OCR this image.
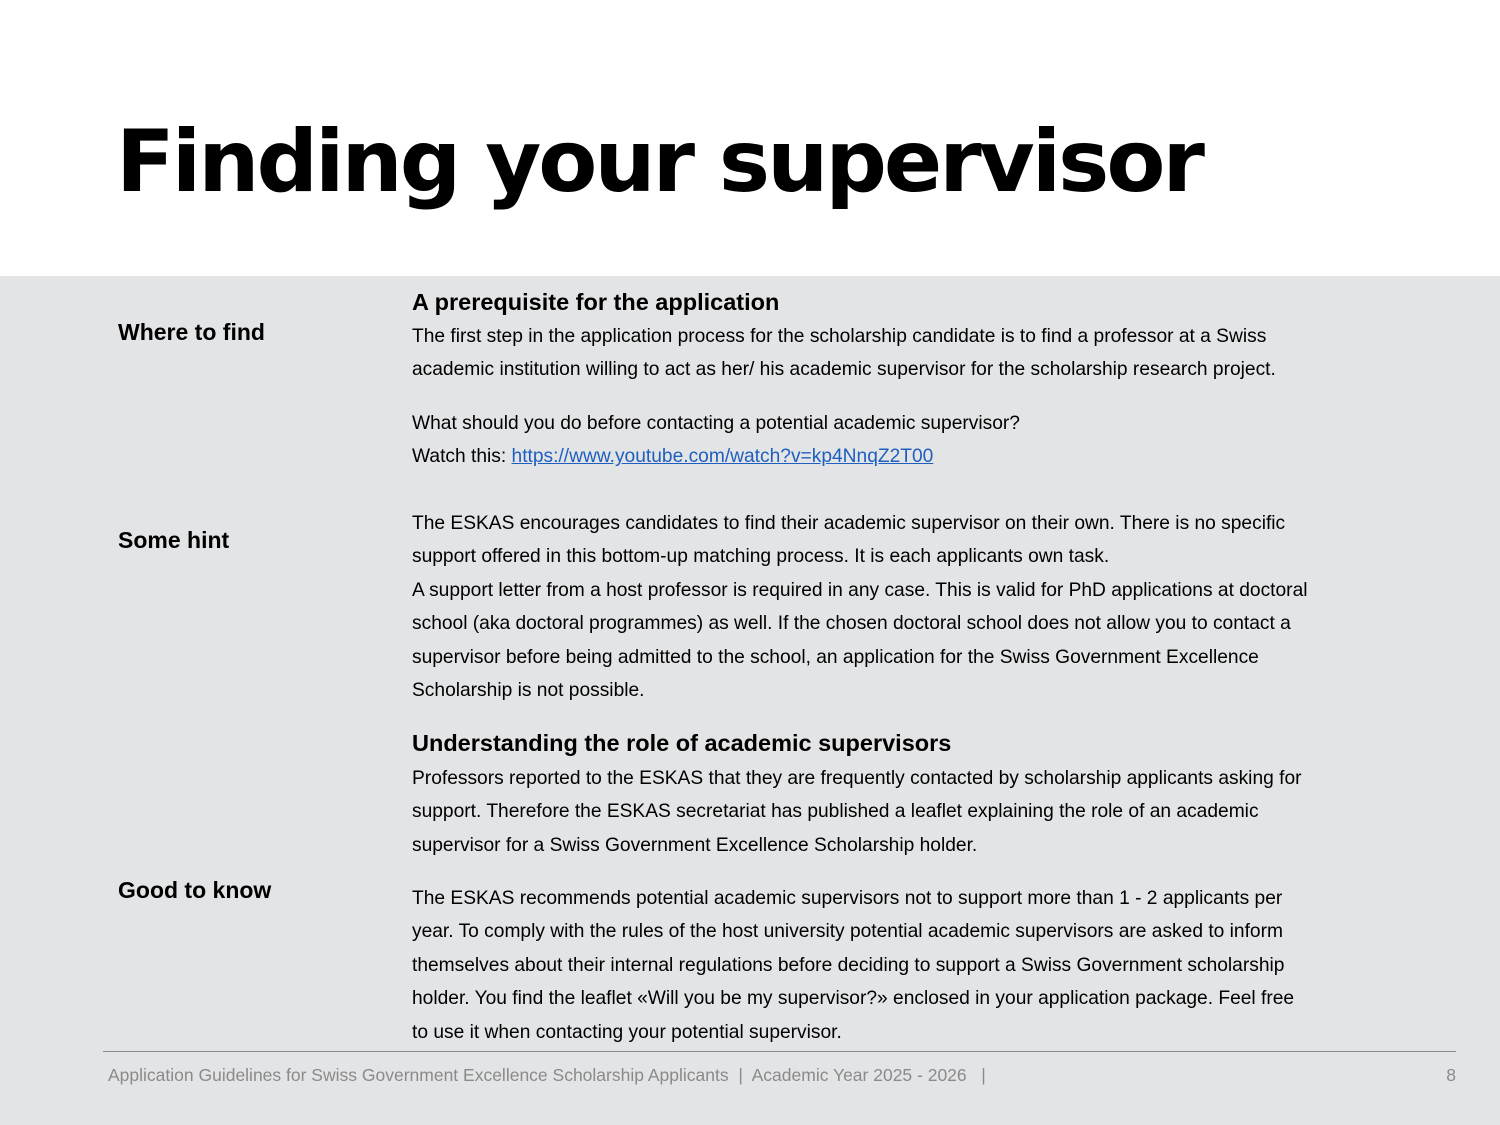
Finding your supervisor

Where to find

Some hint

Good to know

A prerequisite for the application

The first step in the application process for the scholarship candidate is to find a professor at a Swiss

academic institution willing to act as her/ his academic supervisor for the scholarship research project.

What should you do before contacting a potential academic supervisor?

Watch this: https://www.youtube.com/watch?v=kp4NnqZ2T00

The ESKAS encourages candidates to find their academic supervisor on their own. There is no specific

support offered in this bottom-up matching process. It is each applicants own task.

A support letter from a host professor is required in any case. This is valid for PhD applications at doctoral

school (aka doctoral programmes) as well. If the chosen doctoral school does not allow you to contact a

supervisor before being admitted to the school, an application for the Swiss Government Excellence

Scholarship is not possible.

Understanding the role of academic supervisors

Professors reported to the ESKAS that they are frequently contacted by scholarship applicants asking for

support. Therefore the ESKAS secretariat has published a leaflet explaining the role of an academic

supervisor for a Swiss Government Excellence Scholarship holder.

The ESKAS recommends potential academic supervisors not to support more than 1 - 2 applicants per

year. To comply with the rules of the host university potential academic supervisors are asked to inform

themselves about their internal regulations before deciding to support a Swiss Government scholarship

holder. You find the leaflet «Will you be my supervisor?» enclosed in your application package. Feel free

to use it when contacting your potential supervisor.

Application Guidelines for Swiss Government Excellence Scholarship Applicants  |  Academic Year 2025 - 2026   |	8
